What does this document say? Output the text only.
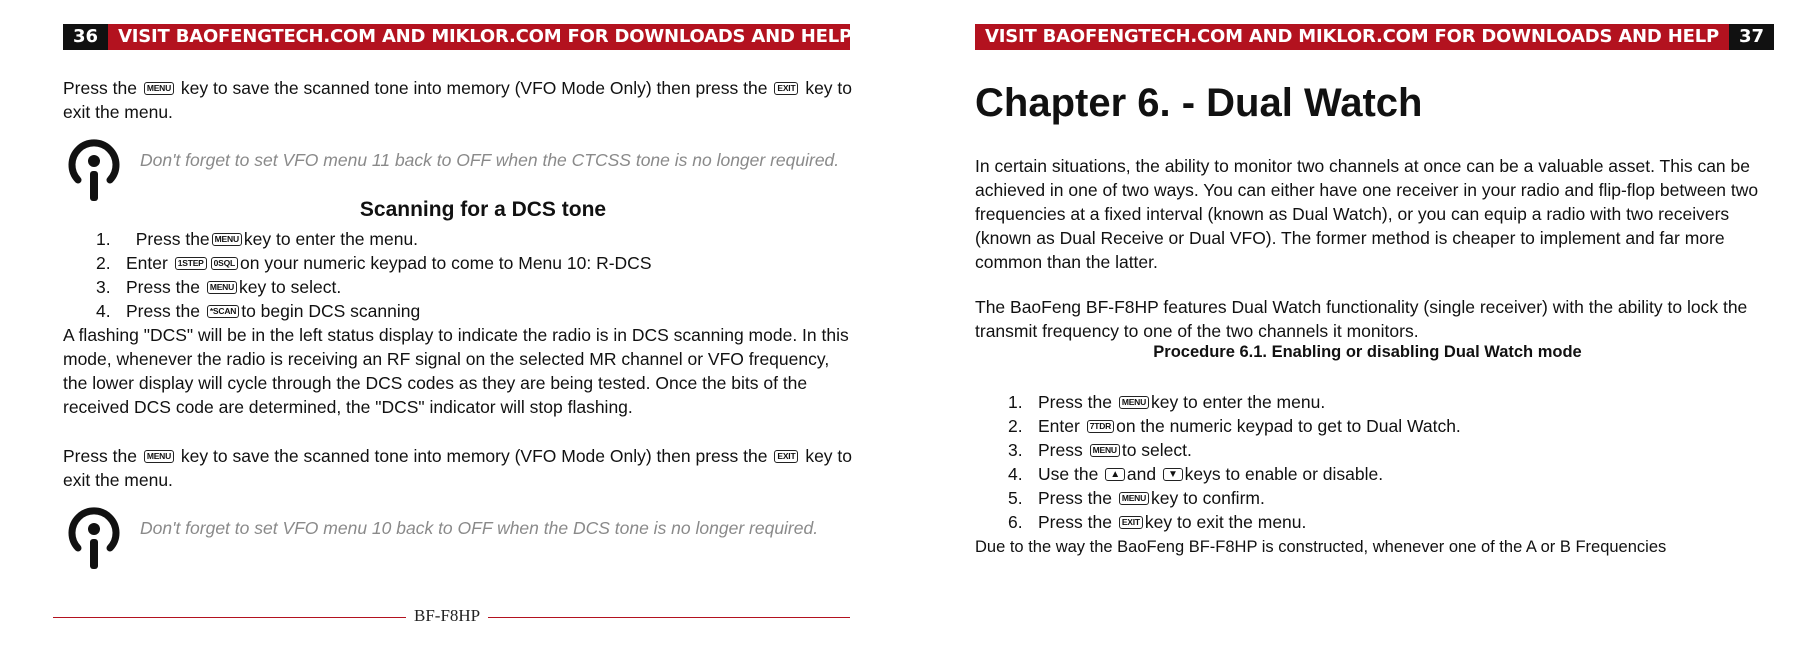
36 VISIT BAOFENGTECH.COM AND MIKLOR.COM FOR DOWNLOADS AND HELP
Press the MENU key to save the scanned tone into memory (VFO Mode Only) then press the EXIT key to exit the menu.
Don't forget to set VFO menu 11 back to OFF when the CTCSS tone is no longer required.
Scanning for a DCS tone
1. Press the MENU key to enter the menu.
2. Enter 1STEP 0SQL on your numeric keypad to come to Menu 10: R-DCS
3. Press the MENU key to select.
4. Press the *SCAN to begin DCS scanning
A flashing "DCS" will be in the left status display to indicate the radio is in DCS scanning mode. In this mode, whenever the radio is receiving an RF signal on the selected MR channel or VFO frequency, the lower display will cycle through the DCS codes as they are being tested. Once the bits of the received DCS code are determined, the "DCS" indicator will stop flashing.
Press the MENU key to save the scanned tone into memory (VFO Mode Only) then press the EXIT key to exit the menu.
Don't forget to set VFO menu 10 back to OFF when the DCS tone is no longer required.
BF-F8HP
VISIT BAOFENGTECH.COM AND MIKLOR.COM FOR DOWNLOADS AND HELP 37
Chapter 6. - Dual Watch
In certain situations, the ability to monitor two channels at once can be a valuable asset. This can be achieved in one of two ways. You can either have one receiver in your radio and flip-flop between two frequencies at a fixed interval (known as Dual Watch), or you can equip a radio with two receivers (known as Dual Receive or Dual VFO). The former method is cheaper to implement and far more common than the latter.
The BaoFeng BF-F8HP features Dual Watch functionality (single receiver) with the ability to lock the transmit frequency to one of the two channels it monitors.
Procedure 6.1. Enabling or disabling Dual Watch mode
1. Press the MENU key to enter the menu.
2. Enter 7TDR on the numeric keypad to get to Dual Watch.
3. Press MENU to select.
4. Use the ▲ and ▼ keys to enable or disable.
5. Press the MENU key to confirm.
6. Press the EXIT key to exit the menu.
Due to the way the BaoFeng BF-F8HP is constructed, whenever one of the A or B Frequencies
